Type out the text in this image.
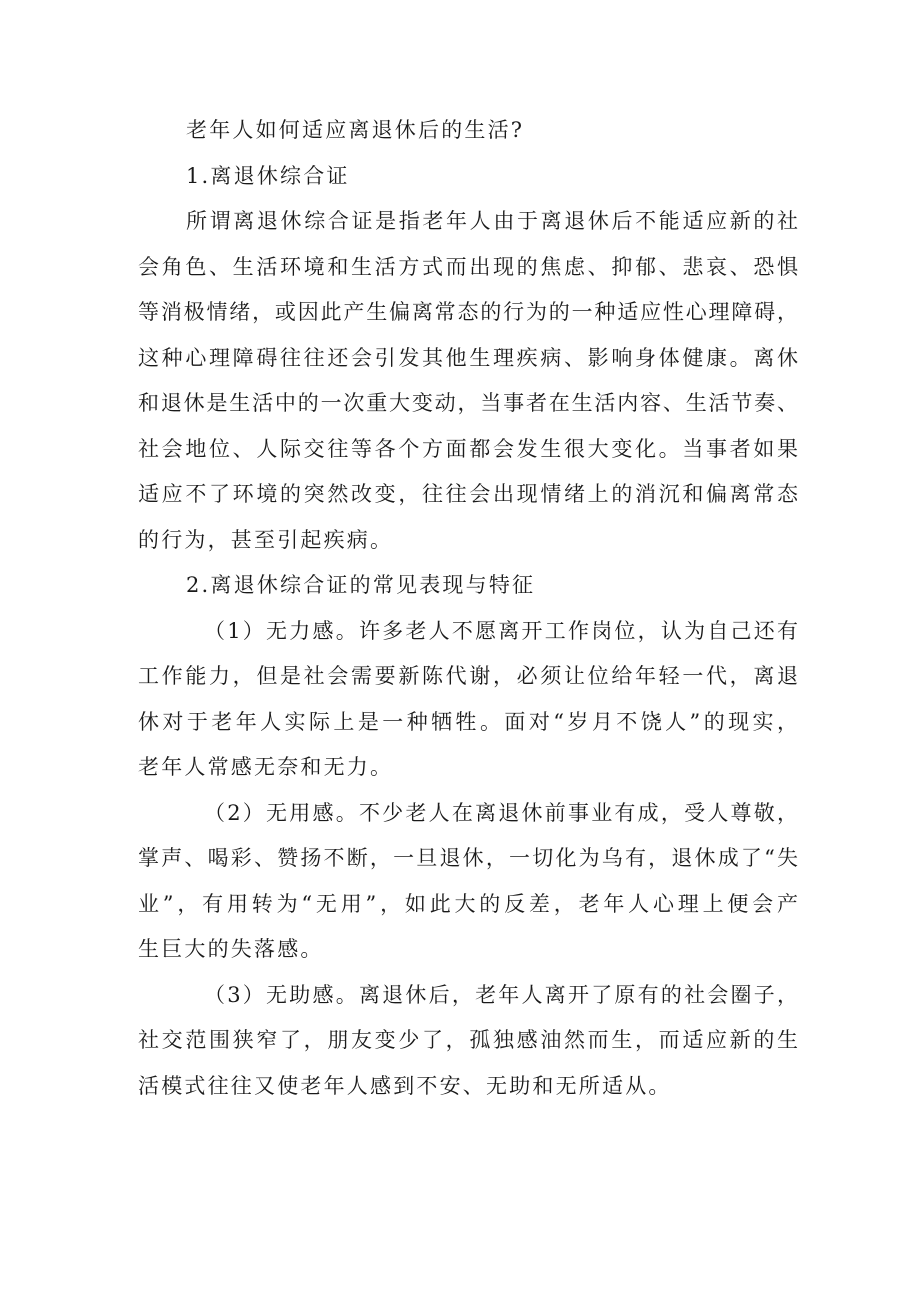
老年人如何适应离退休后的生活?
1.离退休综合证
所谓离退休综合证是指老年人由于离退休后不能适应新的社
会角色、生活环境和生活方式而出现的焦虑、抑郁、悲哀、恐惧
等消极情绪，或因此产生偏离常态的行为的一种适应性心理障碍，
这种心理障碍往往还会引发其他生理疾病、影响身体健康。离休
和退休是生活中的一次重大变动，当事者在生活内容、生活节奏、
社会地位、人际交往等各个方面都会发生很大变化。当事者如果
适应不了环境的突然改变，往往会出现情绪上的消沉和偏离常态
的行为，甚至引起疾病。
2.离退休综合证的常见表现与特征
（1）无力感。许多老人不愿离开工作岗位，认为自己还有
工作能力，但是社会需要新陈代谢，必须让位给年轻一代，离退
休对于老年人实际上是一种牺牲。面对“岁月不饶人”的现实，
老年人常感无奈和无力。
（2）无用感。不少老人在离退休前事业有成，受人尊敬，
掌声、喝彩、赞扬不断，一旦退休，一切化为乌有，退休成了“失
业”，有用转为“无用”，如此大的反差，老年人心理上便会产
生巨大的失落感。
（3）无助感。离退休后，老年人离开了原有的社会圈子，
社交范围狭窄了，朋友变少了，孤独感油然而生，而适应新的生
活模式往往又使老年人感到不安、无助和无所适从。
